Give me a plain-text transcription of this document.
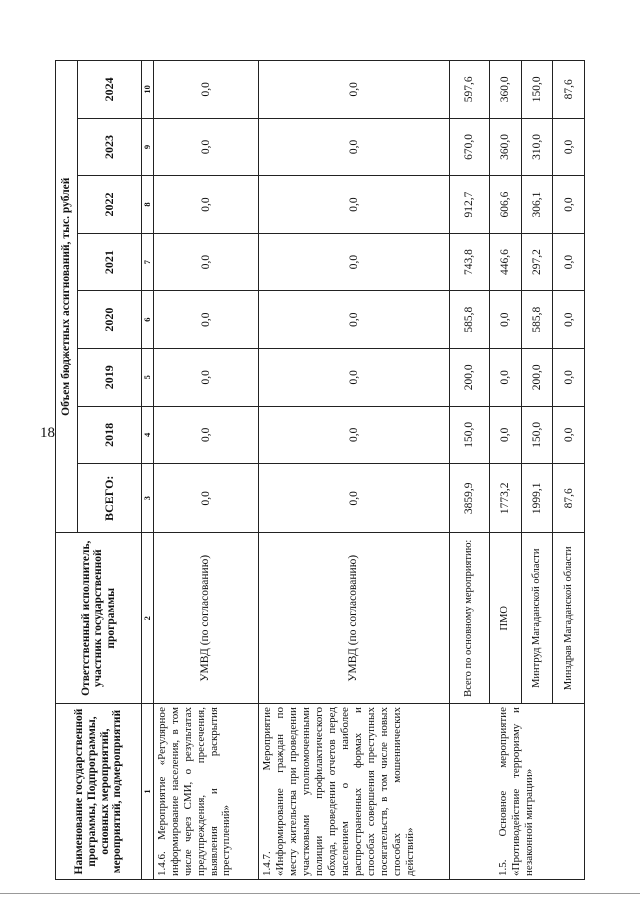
18
Наименование государственной программы, Подпрограммы, основных мероприятий, мероприятий, подмероприятий	Ответственный исполнитель, участник государственной программы	Объем бюджетных ассигнований, тыс. рублей							
		ВСЕГО:	2018	2019	2020	2021	2022	2023	2024
1	2	3	4	5	6	7	8	9	10
1.4.6. Мероприятие «Регулярное информирование населения, в том числе через СМИ, о результатах предупреждения, пресечения, выявления и раскрытия преступлений»	УМВД (по согласованию)	0,0	0,0	0,0	0,0	0,0	0,0	0,0	0,0
1.4.7. Мероприятие «Информирование граждан по месту жительства при проведении участковыми уполномоченными полиции профилактического обхода, проведении отчетов перед населением о наиболее распространенных формах и способах совершения преступных посягательств, в том числе новых способах мошеннических действий»	УМВД (по согласованию)	0,0	0,0	0,0	0,0	0,0	0,0	0,0	0,0
1.5. Основное мероприятие «Противодействие терроризму и незаконной миграции»	Всего по основному мероприятию:	3859,9	150,0	200,0	585,8	743,8	912,7	670,0	597,6
	ПМО	1773,2	0,0	0,0	0,0	446,6	606,6	360,0	360,0
	Минтруд Магаданской области	1999,1	150,0	200,0	585,8	297,2	306,1	310,0	150,0
	Минздрав Магаданской области	87,6	0,0	0,0	0,0	0,0	0,0	0,0	87,6
